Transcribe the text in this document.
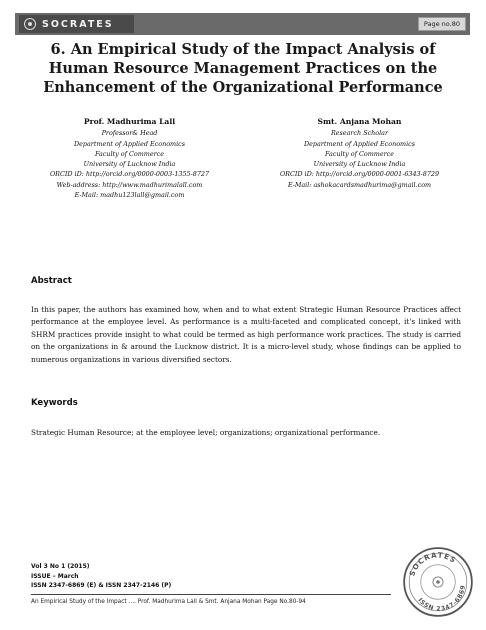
SOCRATES	Page no.80
6. An Empirical Study of the Impact Analysis of Human Resource Management Practices on the Enhancement of the Organizational Performance
Prof. Madhurima Lall
Professor& Head
Department of Applied Economics
Faculty of Commerce
University of Lucknow India
ORCID iD: http://orcid.org/0000-0003-1355-8727
Web-address: http://www.madhurimalall.com
E-Mail: madhu123lall@gmail.com
Smt. Anjana Mohan
Research Scholar
Department of Applied Economics
Faculty of Commerce
University of Lucknow India
ORCID iD: http://orcid.org/0000-0001-6343-8729
E-Mail: ashokacardsmadhurima@gmail.com
Abstract

In this paper, the authors has examined how, when and to what extent Strategic Human Resource Practices affect performance at the employee level. As performance is a multi-faceted and complicated concept, it's linked with SHRM practices provide insight to what could be termed as high performance work practices. The study is carried on the organizations in & around the Lucknow district. It is a micro-level study, whose findings can be applied to numerous organizations in various diversified sectors.

Keywords

Strategic Human Resource; at the employee level; organizations; organizational performance.

Vol 3 No 1 (2015)
ISSUE – March
ISSN 2347-6869 (E) & ISSN 2347-2146 (P)
An Empirical Study of the Impact .... Prof. Madhurima Lall & Smt. Anjana Mohan Page No.80-94
SOCRATES
ISSN 2347-6869
